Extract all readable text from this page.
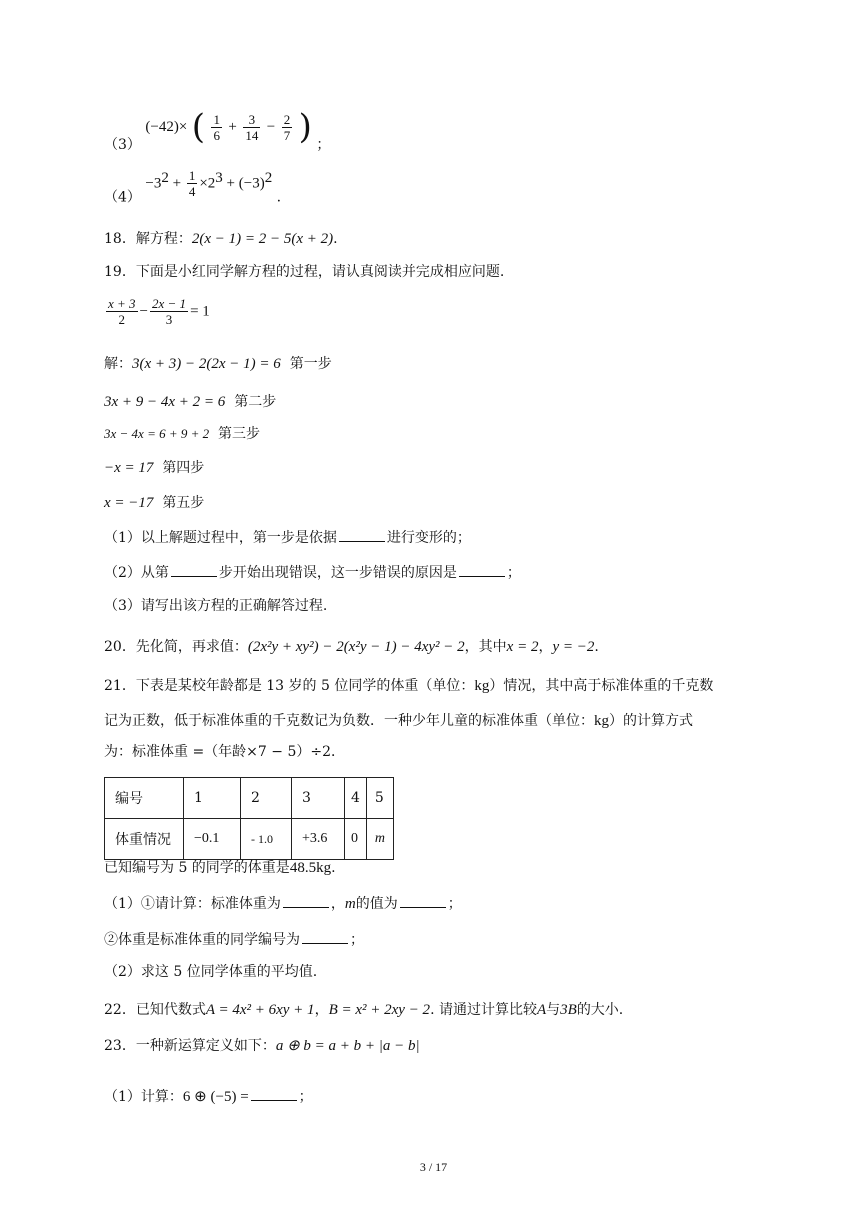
（3） (−42)× ( $\frac{1}{6} + \frac{3}{14} - \frac{2}{7}$ ) ；
$(4) -3^2 + \frac{1}{4} \times 2^3 + (-3)^2$ .
18．解方程：2(x − 1) = 2 − 5(x + 2).
19．下面是小红同学解方程的过程，请认真阅读并完成相应问题.
$\frac{x + 3}{2} - \frac{2x - 1}{3} = 1$
解：3(x + 3) − 2(2x − 1) = 6 第一步
3x + 9 − 4x + 2 = 6 第二步
3x − 4x = 6 + 9 + 2 第三步
−x = 17 第四步
x = −17 第五步
（1）以上解题过程中，第一步是依据	进行变形的；
（2）从第	步开始出现错误，这一步错误的原因是	；
（3）请写出该方程的正确解答过程.
20．先化简，再求值：(2x²y + xy²) − 2(x²y − 1) − 4xy² − 2，其中x = 2，y = −2.
21．下表是某校年龄都是 13 岁的 5 位同学的体重（单位：kg）情况，其中高于标准体重的千克数
记为正数，低于标准体重的千克数记为负数．一种少年儿童的标准体重（单位：kg）的计算方式
为：标准体重 =（年龄×7 − 5）÷2．
编号	1	2	3	4	5
体重情况	−0.1	- 1.0	+3.6	0	m
已知编号为 5 的同学的体重是48.5kg.
（1）①请计算：标准体重为	，m的值为	；
②体重是标准体重的同学编号为	；
（2）求这 5 位同学体重的平均值.
22．已知代数式A = 4x² + 6xy + 1，B = x² + 2xy − 2. 请通过计算比较A与3B的大小.
23．一种新运算定义如下：a ⊕ b = a + b + |a − b|
（1）计算：6 ⊕ (−5) =	；
3 / 17
